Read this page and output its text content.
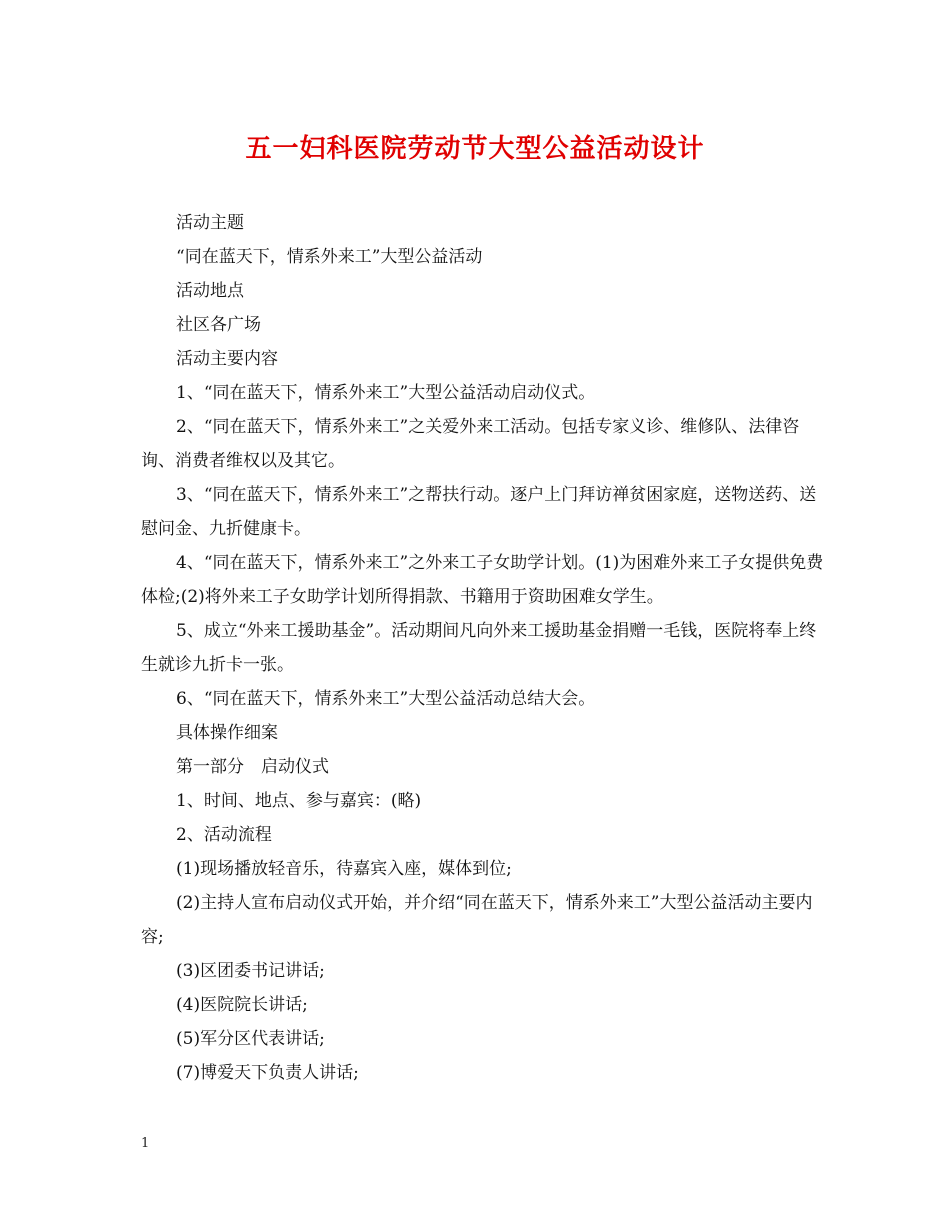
五一妇科医院劳动节大型公益活动设计

活动主题

“同在蓝天下，情系外来工”大型公益活动

活动地点

社区各广场

活动主要内容

1、“同在蓝天下，情系外来工”大型公益活动启动仪式。

2、“同在蓝天下，情系外来工”之关爱外来工活动。包括专家义诊、维修队、法律咨询、消费者维权以及其它。

3、“同在蓝天下，情系外来工”之帮扶行动。逐户上门拜访禅贫困家庭，送物送药、送慰问金、九折健康卡。

4、“同在蓝天下，情系外来工”之外来工子女助学计划。(1)为困难外来工子女提供免费体检;(2)将外来工子女助学计划所得捐款、书籍用于资助困难女学生。

5、成立“外来工援助基金”。活动期间凡向外来工援助基金捐赠一毛钱，医院将奉上终生就诊九折卡一张。

6、“同在蓝天下，情系外来工”大型公益活动总结大会。

具体操作细案

第一部分　启动仪式

1、时间、地点、参与嘉宾：(略)

2、活动流程

(1)现场播放轻音乐，待嘉宾入座，媒体到位;

(2)主持人宣布启动仪式开始，并介绍“同在蓝天下，情系外来工”大型公益活动主要内容;

(3)区团委书记讲话;

(4)医院院长讲话;

(5)军分区代表讲话;

(7)博爱天下负责人讲话;

1
